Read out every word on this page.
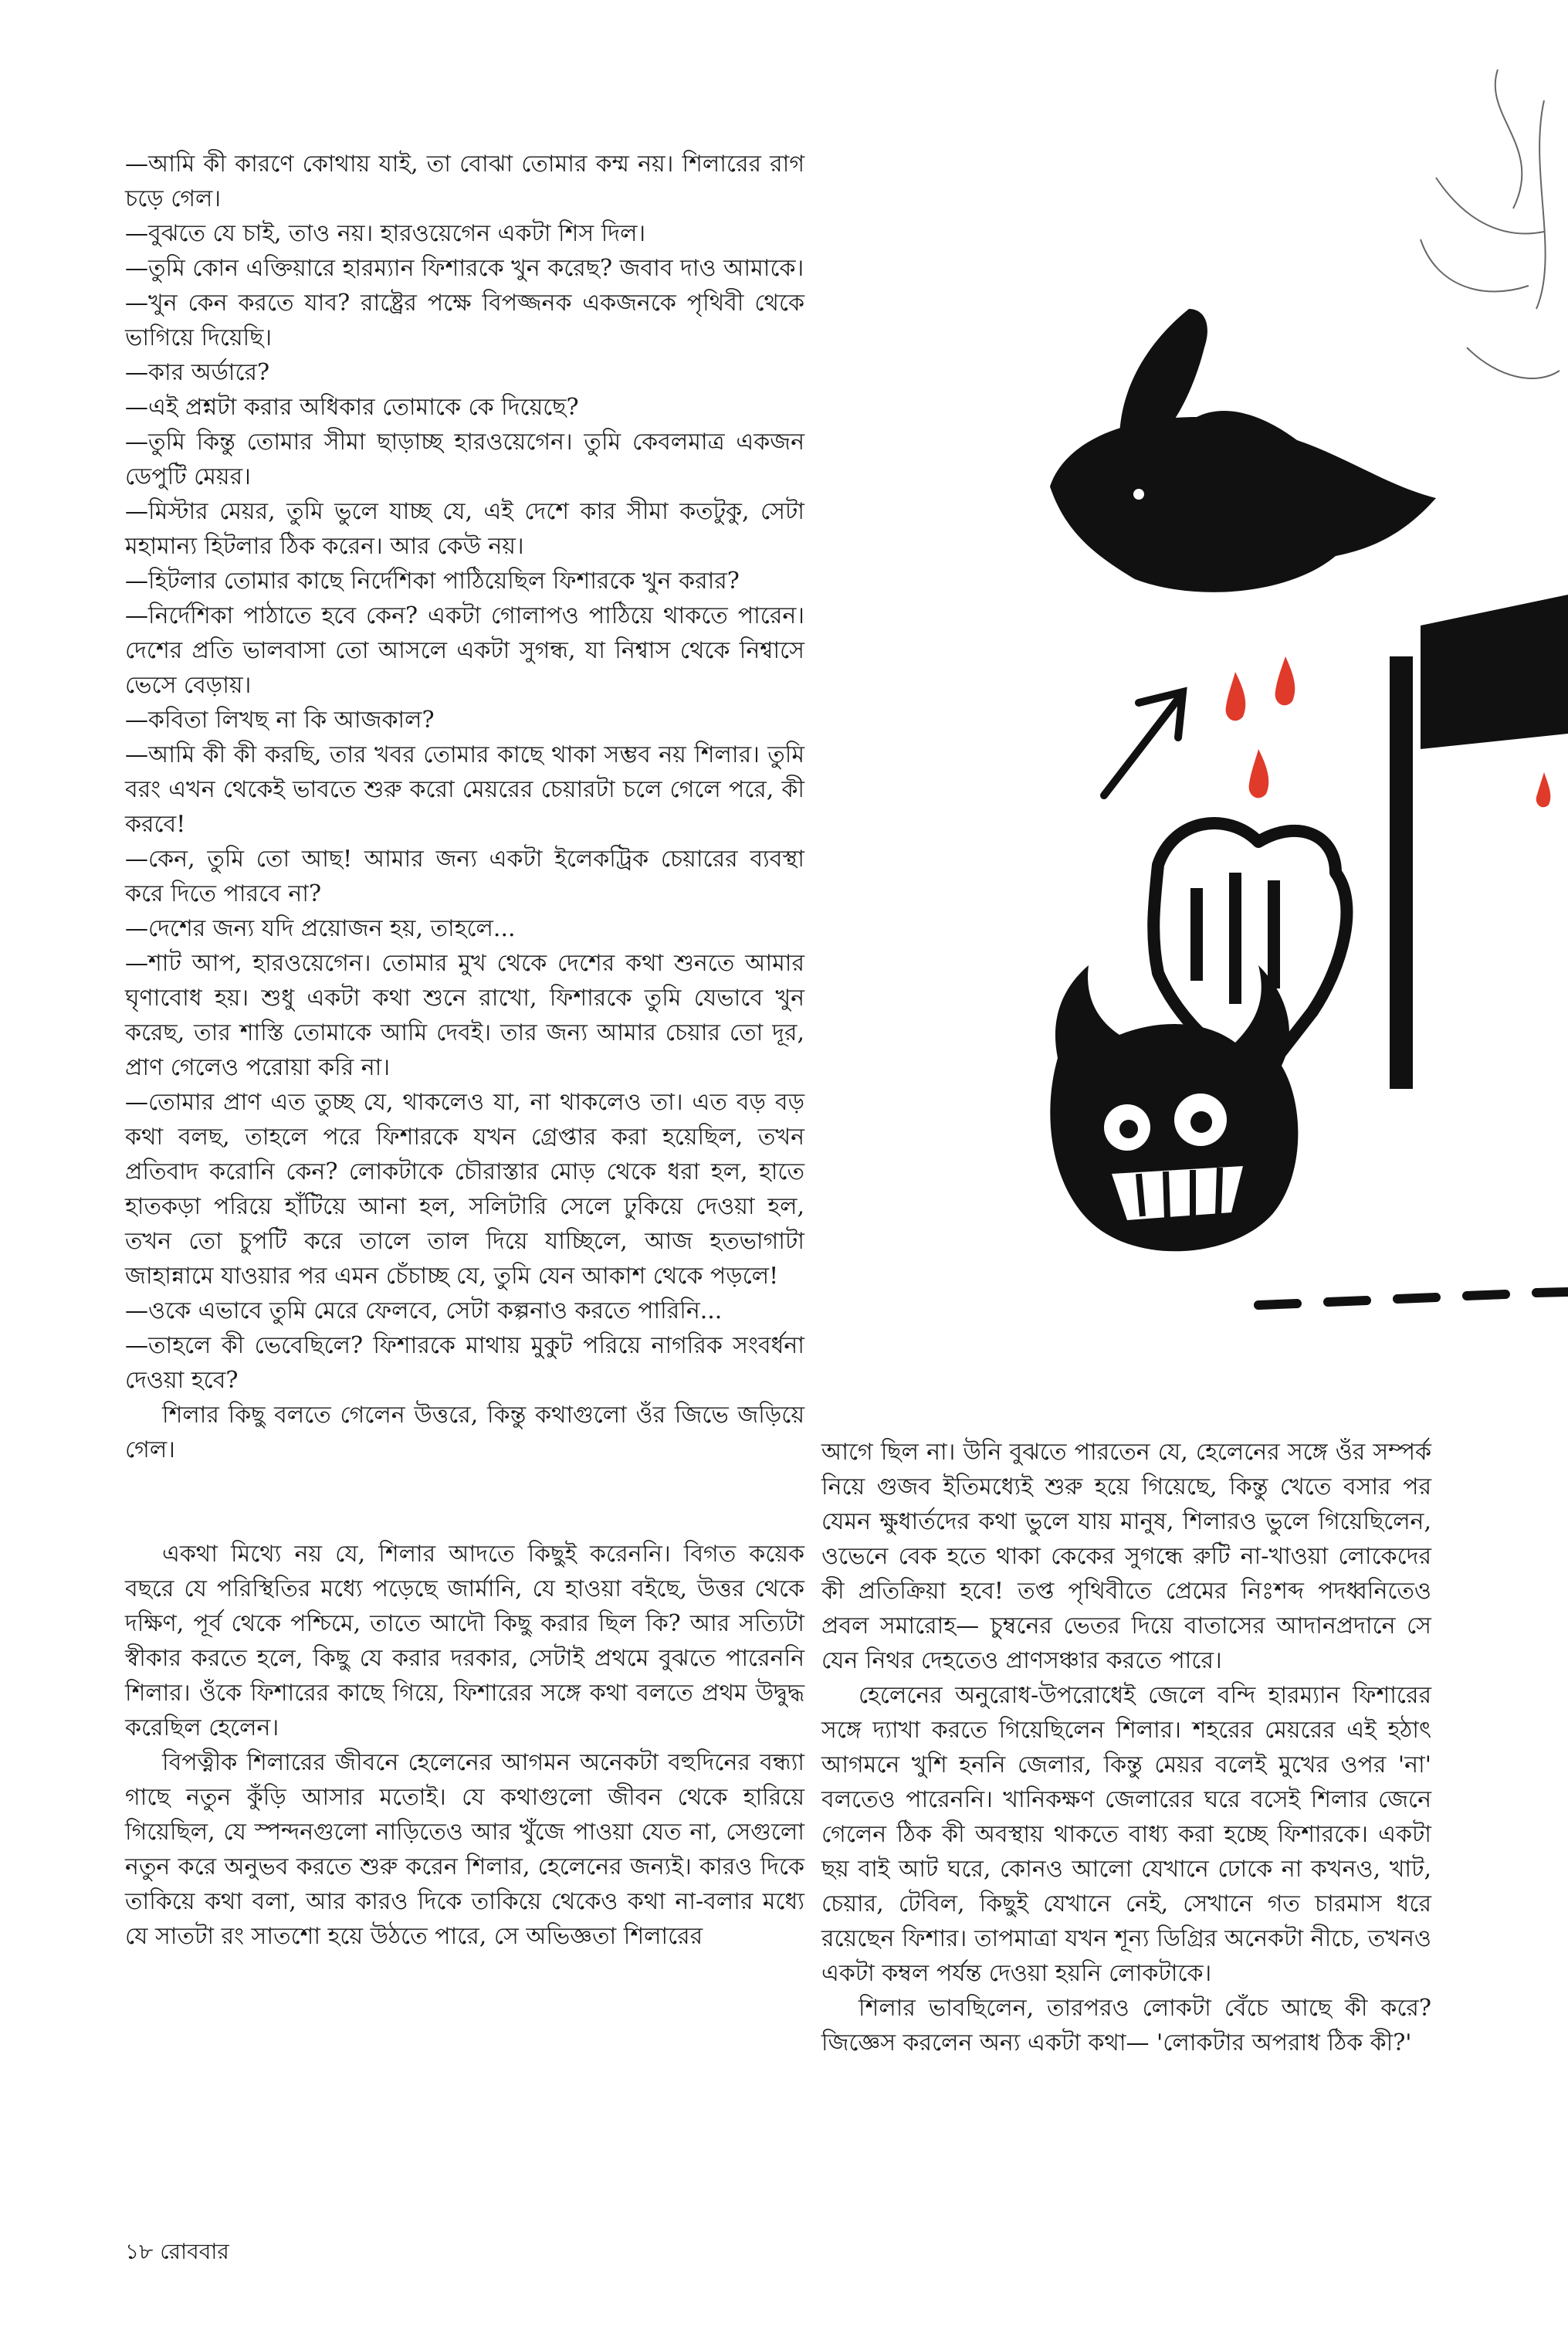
—আমি কী কারণে কোথায় যাই, তা বোঝা তোমার কম্ম নয়। শিলারের রাগ চড়ে গেল।

—বুঝতে যে চাই, তাও নয়। হারওয়েগেন একটা শিস দিল।

—তুমি কোন এক্তিয়ারে হারম্যান ফিশারকে খুন করেছ? জবাব দাও আমাকে।

—খুন কেন করতে যাব? রাষ্ট্রের পক্ষে বিপজ্জনক একজনকে পৃথিবী থেকে ভাগিয়ে দিয়েছি।

—কার অর্ডারে?

—এই প্রশ্নটা করার অধিকার তোমাকে কে দিয়েছে?

—তুমি কিন্তু তোমার সীমা ছাড়াচ্ছ হারওয়েগেন। তুমি কেবলমাত্র একজন ডেপুটি মেয়র।

—মিস্টার মেয়র, তুমি ভুলে যাচ্ছ যে, এই দেশে কার সীমা কতটুকু, সেটা মহামান্য হিটলার ঠিক করেন। আর কেউ নয়।

—হিটলার তোমার কাছে নির্দেশিকা পাঠিয়েছিল ফিশারকে খুন করার?

—নির্দেশিকা পাঠাতে হবে কেন? একটা গোলাপও পাঠিয়ে থাকতে পারেন। দেশের প্রতি ভালবাসা তো আসলে একটা সুগন্ধ, যা নিশ্বাস থেকে নিশ্বাসে ভেসে বেড়ায়।

—কবিতা লিখছ না কি আজকাল?

—আমি কী কী করছি, তার খবর তোমার কাছে থাকা সম্ভব নয় শিলার। তুমি বরং এখন থেকেই ভাবতে শুরু করো মেয়রের চেয়ারটা চলে গেলে পরে, কী করবে!

—কেন, তুমি তো আছ! আমার জন্য একটা ইলেকট্রিক চেয়ারের ব্যবস্থা করে দিতে পারবে না?

—দেশের জন্য যদি প্রয়োজন হয়, তাহলে...

—শাট আপ, হারওয়েগেন। তোমার মুখ থেকে দেশের কথা শুনতে আমার ঘৃণাবোধ হয়। শুধু একটা কথা শুনে রাখো, ফিশারকে তুমি যেভাবে খুন করেছ, তার শাস্তি তোমাকে আমি দেবই। তার জন্য আমার চেয়ার তো দূর, প্রাণ গেলেও পরোয়া করি না।

—তোমার প্রাণ এত তুচ্ছ যে, থাকলেও যা, না থাকলেও তা। এত বড় বড় কথা বলছ, তাহলে পরে ফিশারকে যখন গ্রেপ্তার করা হয়েছিল, তখন প্রতিবাদ করোনি কেন? লোকটাকে চৌরাস্তার মোড় থেকে ধরা হল, হাতে হাতকড়া পরিয়ে হাঁটিয়ে আনা হল, সলিটারি সেলে ঢুকিয়ে দেওয়া হল, তখন তো চুপটি করে তালে তাল দিয়ে যাচ্ছিলে, আজ হতভাগাটা জাহান্নামে যাওয়ার পর এমন চেঁচাচ্ছ যে, তুমি যেন আকাশ থেকে পড়লে!

—ওকে এভাবে তুমি মেরে ফেলবে, সেটা কল্পনাও করতে পারিনি...

—তাহলে কী ভেবেছিলে? ফিশারকে মাথায় মুকুট পরিয়ে নাগরিক সংবর্ধনা দেওয়া হবে?

শিলার কিছু বলতে গেলেন উত্তরে, কিন্তু কথাগুলো ওঁর জিভে জড়িয়ে গেল।

একথা মিথ্যে নয় যে, শিলার আদতে কিছুই করেননি। বিগত কয়েক বছরে যে পরিস্থিতির মধ্যে পড়েছে জার্মানি, যে হাওয়া বইছে, উত্তর থেকে দক্ষিণ, পূর্ব থেকে পশ্চিমে, তাতে আদৌ কিছু করার ছিল কি? আর সত্যিটা স্বীকার করতে হলে, কিছু যে করার দরকার, সেটাই প্রথমে বুঝতে পারেননি শিলার। ওঁকে ফিশারের কাছে গিয়ে, ফিশারের সঙ্গে কথা বলতে প্রথম উদ্বুদ্ধ করেছিল হেলেন।

বিপত্নীক শিলারের জীবনে হেলেনের আগমন অনেকটা বহুদিনের বন্ধ্যা গাছে নতুন কুঁড়ি আসার মতোই। যে কথাগুলো জীবন থেকে হারিয়ে গিয়েছিল, যে স্পন্দনগুলো নাড়িতেও আর খুঁজে পাওয়া যেত না, সেগুলো নতুন করে অনুভব করতে শুরু করেন শিলার, হেলেনের জন্যই। কারও দিকে তাকিয়ে কথা বলা, আর কারও দিকে তাকিয়ে থেকেও কথা না-বলার মধ্যে যে সাতটা রং সাতশো হয়ে উঠতে পারে, সে অভিজ্ঞতা শিলারের

আগে ছিল না। উনি বুঝতে পারতেন যে, হেলেনের সঙ্গে ওঁর সম্পর্ক নিয়ে গুজব ইতিমধ্যেই শুরু হয়ে গিয়েছে, কিন্তু খেতে বসার পর যেমন ক্ষুধার্তদের কথা ভুলে যায় মানুষ, শিলারও ভুলে গিয়েছিলেন, ওভেনে বেক হতে থাকা কেকের সুগন্ধে রুটি না-খাওয়া লোকেদের কী প্রতিক্রিয়া হবে! তপ্ত পৃথিবীতে প্রেমের নিঃশব্দ পদধ্বনিতেও প্রবল সমারোহ— চুম্বনের ভেতর দিয়ে বাতাসের আদানপ্রদানে সে যেন নিথর দেহতেও প্রাণসঞ্চার করতে পারে।

হেলেনের অনুরোধ-উপরোধেই জেলে বন্দি হারম্যান ফিশারের সঙ্গে দ্যাখা করতে গিয়েছিলেন শিলার। শহরের মেয়রের এই হঠাৎ আগমনে খুশি হননি জেলার, কিন্তু মেয়র বলেই মুখের ওপর 'না' বলতেও পারেননি। খানিকক্ষণ জেলারের ঘরে বসেই শিলার জেনে গেলেন ঠিক কী অবস্থায় থাকতে বাধ্য করা হচ্ছে ফিশারকে। একটা ছয় বাই আট ঘরে, কোনও আলো যেখানে ঢোকে না কখনও, খাট, চেয়ার, টেবিল, কিছুই যেখানে নেই, সেখানে গত চারমাস ধরে রয়েছেন ফিশার। তাপমাত্রা যখন শূন্য ডিগ্রির অনেকটা নীচে, তখনও একটা কম্বল পর্যন্ত দেওয়া হয়নি লোকটাকে।

শিলার ভাবছিলেন, তারপরও লোকটা বেঁচে আছে কী করে? জিজ্ঞেস করলেন অন্য একটা কথা— 'লোকটার অপরাধ ঠিক কী?'

১৮ রোববার
